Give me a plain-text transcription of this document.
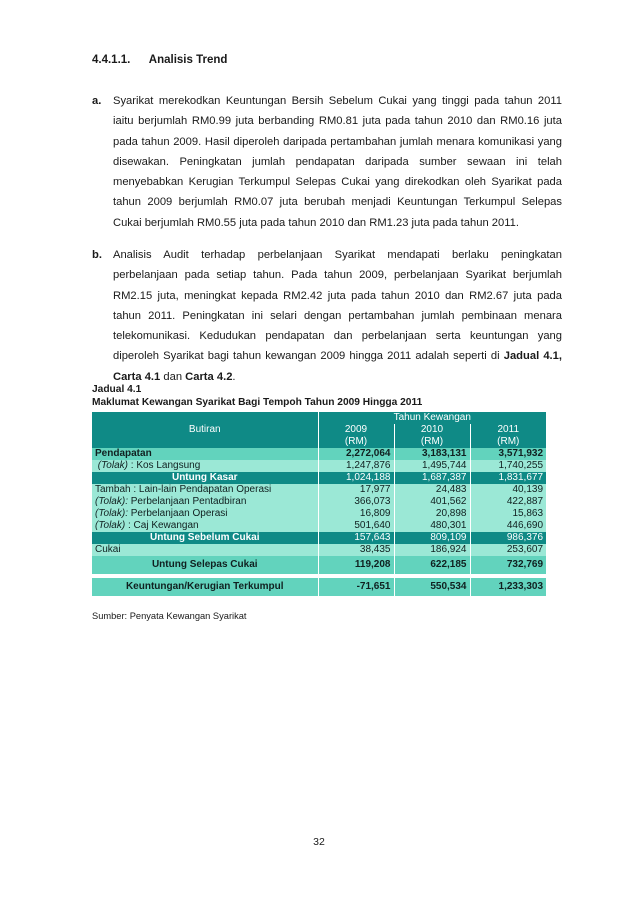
4.4.1.1. Analisis Trend
a. Syarikat merekodkan Keuntungan Bersih Sebelum Cukai yang tinggi pada tahun 2011 iaitu berjumlah RM0.99 juta berbanding RM0.81 juta pada tahun 2010 dan RM0.16 juta pada tahun 2009. Hasil diperoleh daripada pertambahan jumlah menara komunikasi yang disewakan. Peningkatan jumlah pendapatan daripada sumber sewaan ini telah menyebabkan Kerugian Terkumpul Selepas Cukai yang direkodkan oleh Syarikat pada tahun 2009 berjumlah RM0.07 juta berubah menjadi Keuntungan Terkumpul Selepas Cukai berjumlah RM0.55 juta pada tahun 2010 dan RM1.23 juta pada tahun 2011.
b. Analisis Audit terhadap perbelanjaan Syarikat mendapati berlaku peningkatan perbelanjaan pada setiap tahun. Pada tahun 2009, perbelanjaan Syarikat berjumlah RM2.15 juta, meningkat kepada RM2.42 juta pada tahun 2010 dan RM2.67 juta pada tahun 2011. Peningkatan ini selari dengan pertambahan jumlah pembinaan menara telekomunikasi. Kedudukan pendapatan dan perbelanjaan serta keuntungan yang diperoleh Syarikat bagi tahun kewangan 2009 hingga 2011 adalah seperti di Jadual 4.1, Carta 4.1 dan Carta 4.2.
Jadual 4.1
Maklumat Kewangan Syarikat Bagi Tempoh Tahun 2009 Hingga 2011
Butiran	Tahun Kewangan		
	2009	2010	2011
	(RM)	(RM)	(RM)
Pendapatan	2,272,064	3,183,131	3,571,932
(Tolak) : Kos Langsung	1,247,876	1,495,744	1,740,255
Untung Kasar	1,024,188	1,687,387	1,831,677
Tambah : Lain-lain Pendapatan Operasi	17,977	24,483	40,139
(Tolak): Perbelanjaan Pentadbiran	366,073	401,562	422,887
(Tolak): Perbelanjaan Operasi	16,809	20,898	15,863
(Tolak) : Caj Kewangan	501,640	480,301	446,690
Untung Sebelum Cukai	157,643	809,109	986,376
Cukai	38,435	186,924	253,607
Untung Selepas Cukai	119,208	622,185	732,769

Keuntungan/Kerugian Terkumpul	-71,651	550,534	1,233,303
Sumber: Penyata Kewangan Syarikat
32
